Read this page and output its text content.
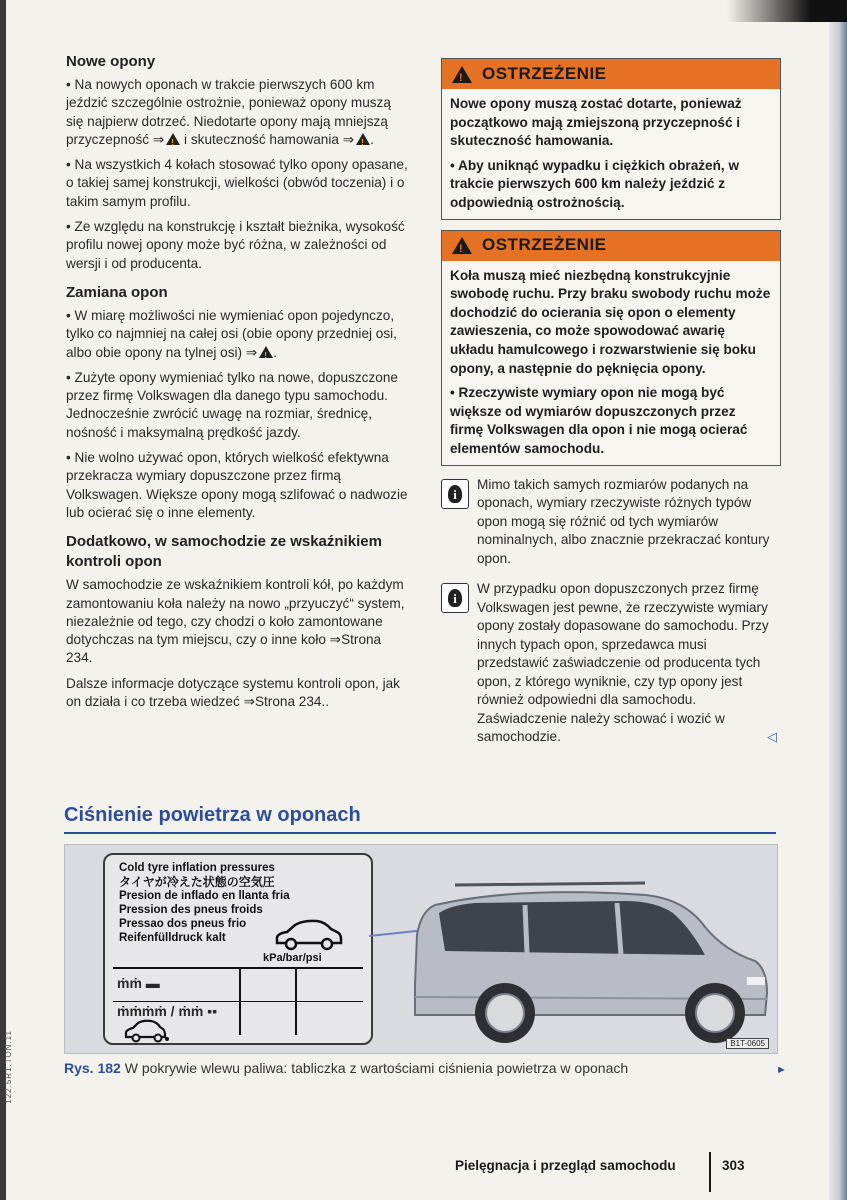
122.5R1.TON.11
Nowe opony

• Na nowych oponach w trakcie pierwszych 600 km jeździć szczególnie ostrożnie, ponieważ opony muszą się najpierw dotrzeć. Niedotarte opony mają mniejszą przyczepność ⇒! i skuteczność hamowania ⇒ ! .

• Na wszystkich 4 kołach stosować tylko opony opasane, o takiej samej konstrukcji, wielkości (obwód toczenia) i o takim samym profilu.

• Ze względu na konstrukcję i kształt bieżnika, wysokość profilu nowej opony może być różna, w zależności od wersji i od producenta.

Zamiana opon

• W miarę możliwości nie wymieniać opon pojedynczo, tylko co najmniej na całej osi (obie opony przedniej osi, albo obie opony na tylnej osi) ⇒ ! .

• Zużyte opony wymieniać tylko na nowe, dopuszczone przez firmę Volkswagen dla danego typu samochodu. Jednocześnie zwrócić uwagę na rozmiar, średnicę, nośność i maksymalną prędkość jazdy.

• Nie wolno używać opon, których wielkość efektywna przekracza wymiary dopuszczone przez firmą Volkswagen. Większe opony mogą szlifować o nadwozie lub ocierać się o inne elementy.

Dodatkowo, w samochodzie ze wskaźnikiem kontroli opon

W samochodzie ze wskaźnikiem kontroli kół, po każdym zamontowaniu koła należy na nowo „przyuczyć“ system, niezależnie od tego, czy chodzi o koło zamontowane dotychczas na tym miejscu, czy o inne koło ⇒Strona 234.

Dalsze informacje dotyczące systemu kontroli opon, jak on działa i co trzeba wiedzeć ⇒Strona 234..

!
OSTRZEŻENIE

Nowe opony muszą zostać dotarte, ponieważ początkowo mają zmiejszoną przyczepność i skuteczność hamowania.

• Aby uniknąć wypadku i ciężkich obrażeń, w trakcie pierwszych 600 km należy jeździć z odpowiednią ostrożnością.

!
OSTRZEŻENIE

Koła muszą mieć niezbędną konstrukcyjnie swobodę ruchu. Przy braku swobody ruchu może dochodzić do ocierania się opon o elementy zawieszenia, co może spowodować awarię układu hamulcowego i rozwarstwienie się boku opony, a następnie do pęknięcia opony.

• Rzeczywiste wymiary opon nie mogą być większe od wymiarów dopuszczonych przez firmę Volkswagen dla opon i nie mogą ocierać elementów samochodu.

i

Mimo takich samych rozmiarów podanych na oponach, wymiary rzeczywiste różnych typów opon mogą się różnić od tych wymiarów nominalnych, albo znacznie przekraczać kontury opon.

i

W przypadku opon dopuszczonych przez firmę Volkswagen jest pewne, że rzeczywiste wymiary opony zostały dopasowane do samochodu. Przy innych typach opon, sprzedawca musi przedstawić zaświadczenie od producenta tych opon, z którego wyniknie, czy typ opony jest również odpowiedni dla samochodu. Zaświadczenie należy schować i wozić w samochodzie.	◁
Ciśnienie powietrza w oponach
Cold tyre inflation pressures
タイヤが冷えた状態の空気圧
Presion de inflado en llanta fria
Pression des pneus froids
Pressao dos pneus frio
Reifenfülldruck kalt
kPa/bar/psi
ṁṁ ▬
ṁṁṁṁ / ṁṁ ▪▪
B1T-0605
Rys. 182 W pokrywie wlewu paliwa: tabliczka z wartościami ciśnienia powietrza w oponach	►
Pielęgnacja i przegląd samochodu	303
